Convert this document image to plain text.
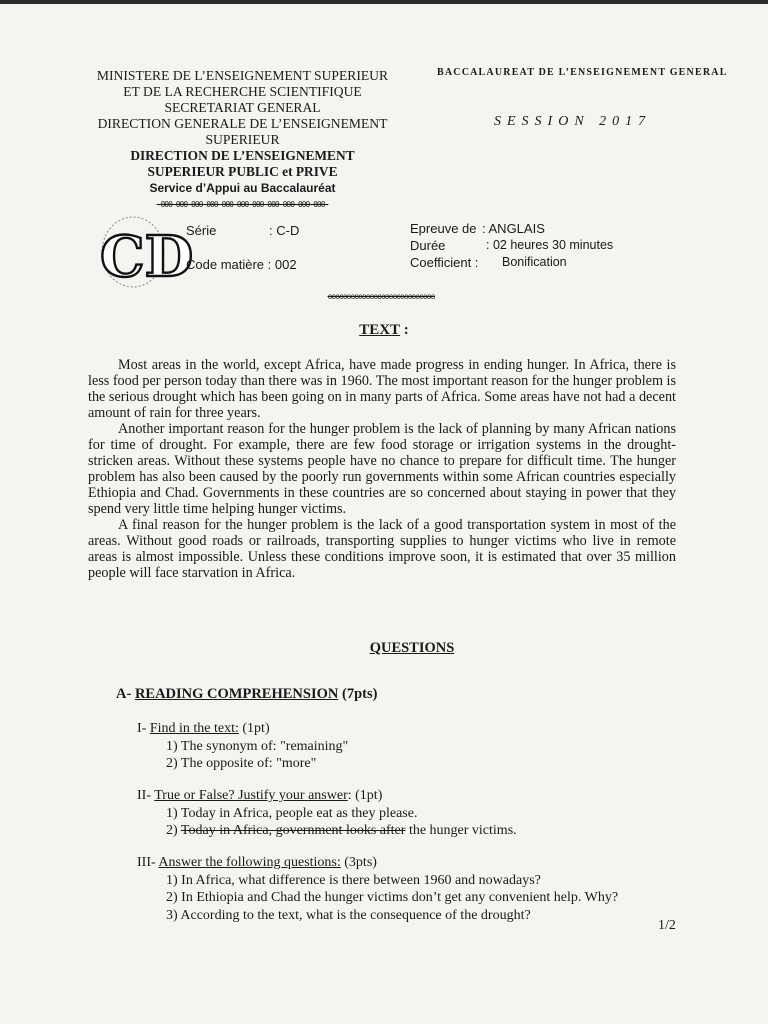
MINISTERE DE L’ENSEIGNEMENT SUPERIEUR
ET DE LA RECHERCHE SCIENTIFIQUE
SECRETARIAT GENERAL
DIRECTION GENERALE DE L’ENSEIGNEMENT
SUPERIEUR
DIRECTION DE L’ENSEIGNEMENT
SUPERIEUR PUBLIC et PRIVE
Service d’Appui au Baccalauréat
-000-000-000-000-000-000-000-000-000-000-000-
BACCALAUREAT DE L’ENSEIGNEMENT GENERAL
SESSION 2017
CD
Série	: C-D
Code matière : 002
Epreuve de : ANGLAIS
Durée	: 02 heures 30 minutes
Coefficient : Bonification
oooooooooooooooooooooooooooo
TEXT :

Most areas in the world, except Africa, have made progress in ending hunger. In Africa, there is less food per person today than there was in 1960. The most important reason for the hunger problem is the serious drought which has been going on in many parts of Africa. Some areas have not had a decent amount of rain for three years.

Another important reason for the hunger problem is the lack of planning by many African nations for time of drought. For example, there are few food storage or irrigation systems in the drought-stricken areas. Without these systems people have no chance to prepare for difficult time. The hunger problem has also been caused by the poorly run governments within some African countries especially Ethiopia and Chad. Governments in these countries are so concerned about staying in power that they spend very little time helping hunger victims.

A final reason for the hunger problem is the lack of a good transportation system in most of the areas. Without good roads or railroads, transporting supplies to hunger victims who live in remote areas is almost impossible. Unless these conditions improve soon, it is estimated that over 35 million people will face starvation in Africa.

QUESTIONS
A- READING COMPREHENSION (7pts)
I- Find in the text: (1pt)
1) The synonym of: "remaining"
2) The opposite of: "more"
II- True or False? Justify your answer: (1pt)
1) Today in Africa, people eat as they please.
2) Today in Africa, government looks after the hunger victims.
III- Answer the following questions: (3pts)
1) In Africa, what difference is there between 1960 and nowadays?
2) In Ethiopia and Chad the hunger victims don’t get any convenient help. Why?
3) According to the text, what is the consequence of the drought?
1/2
